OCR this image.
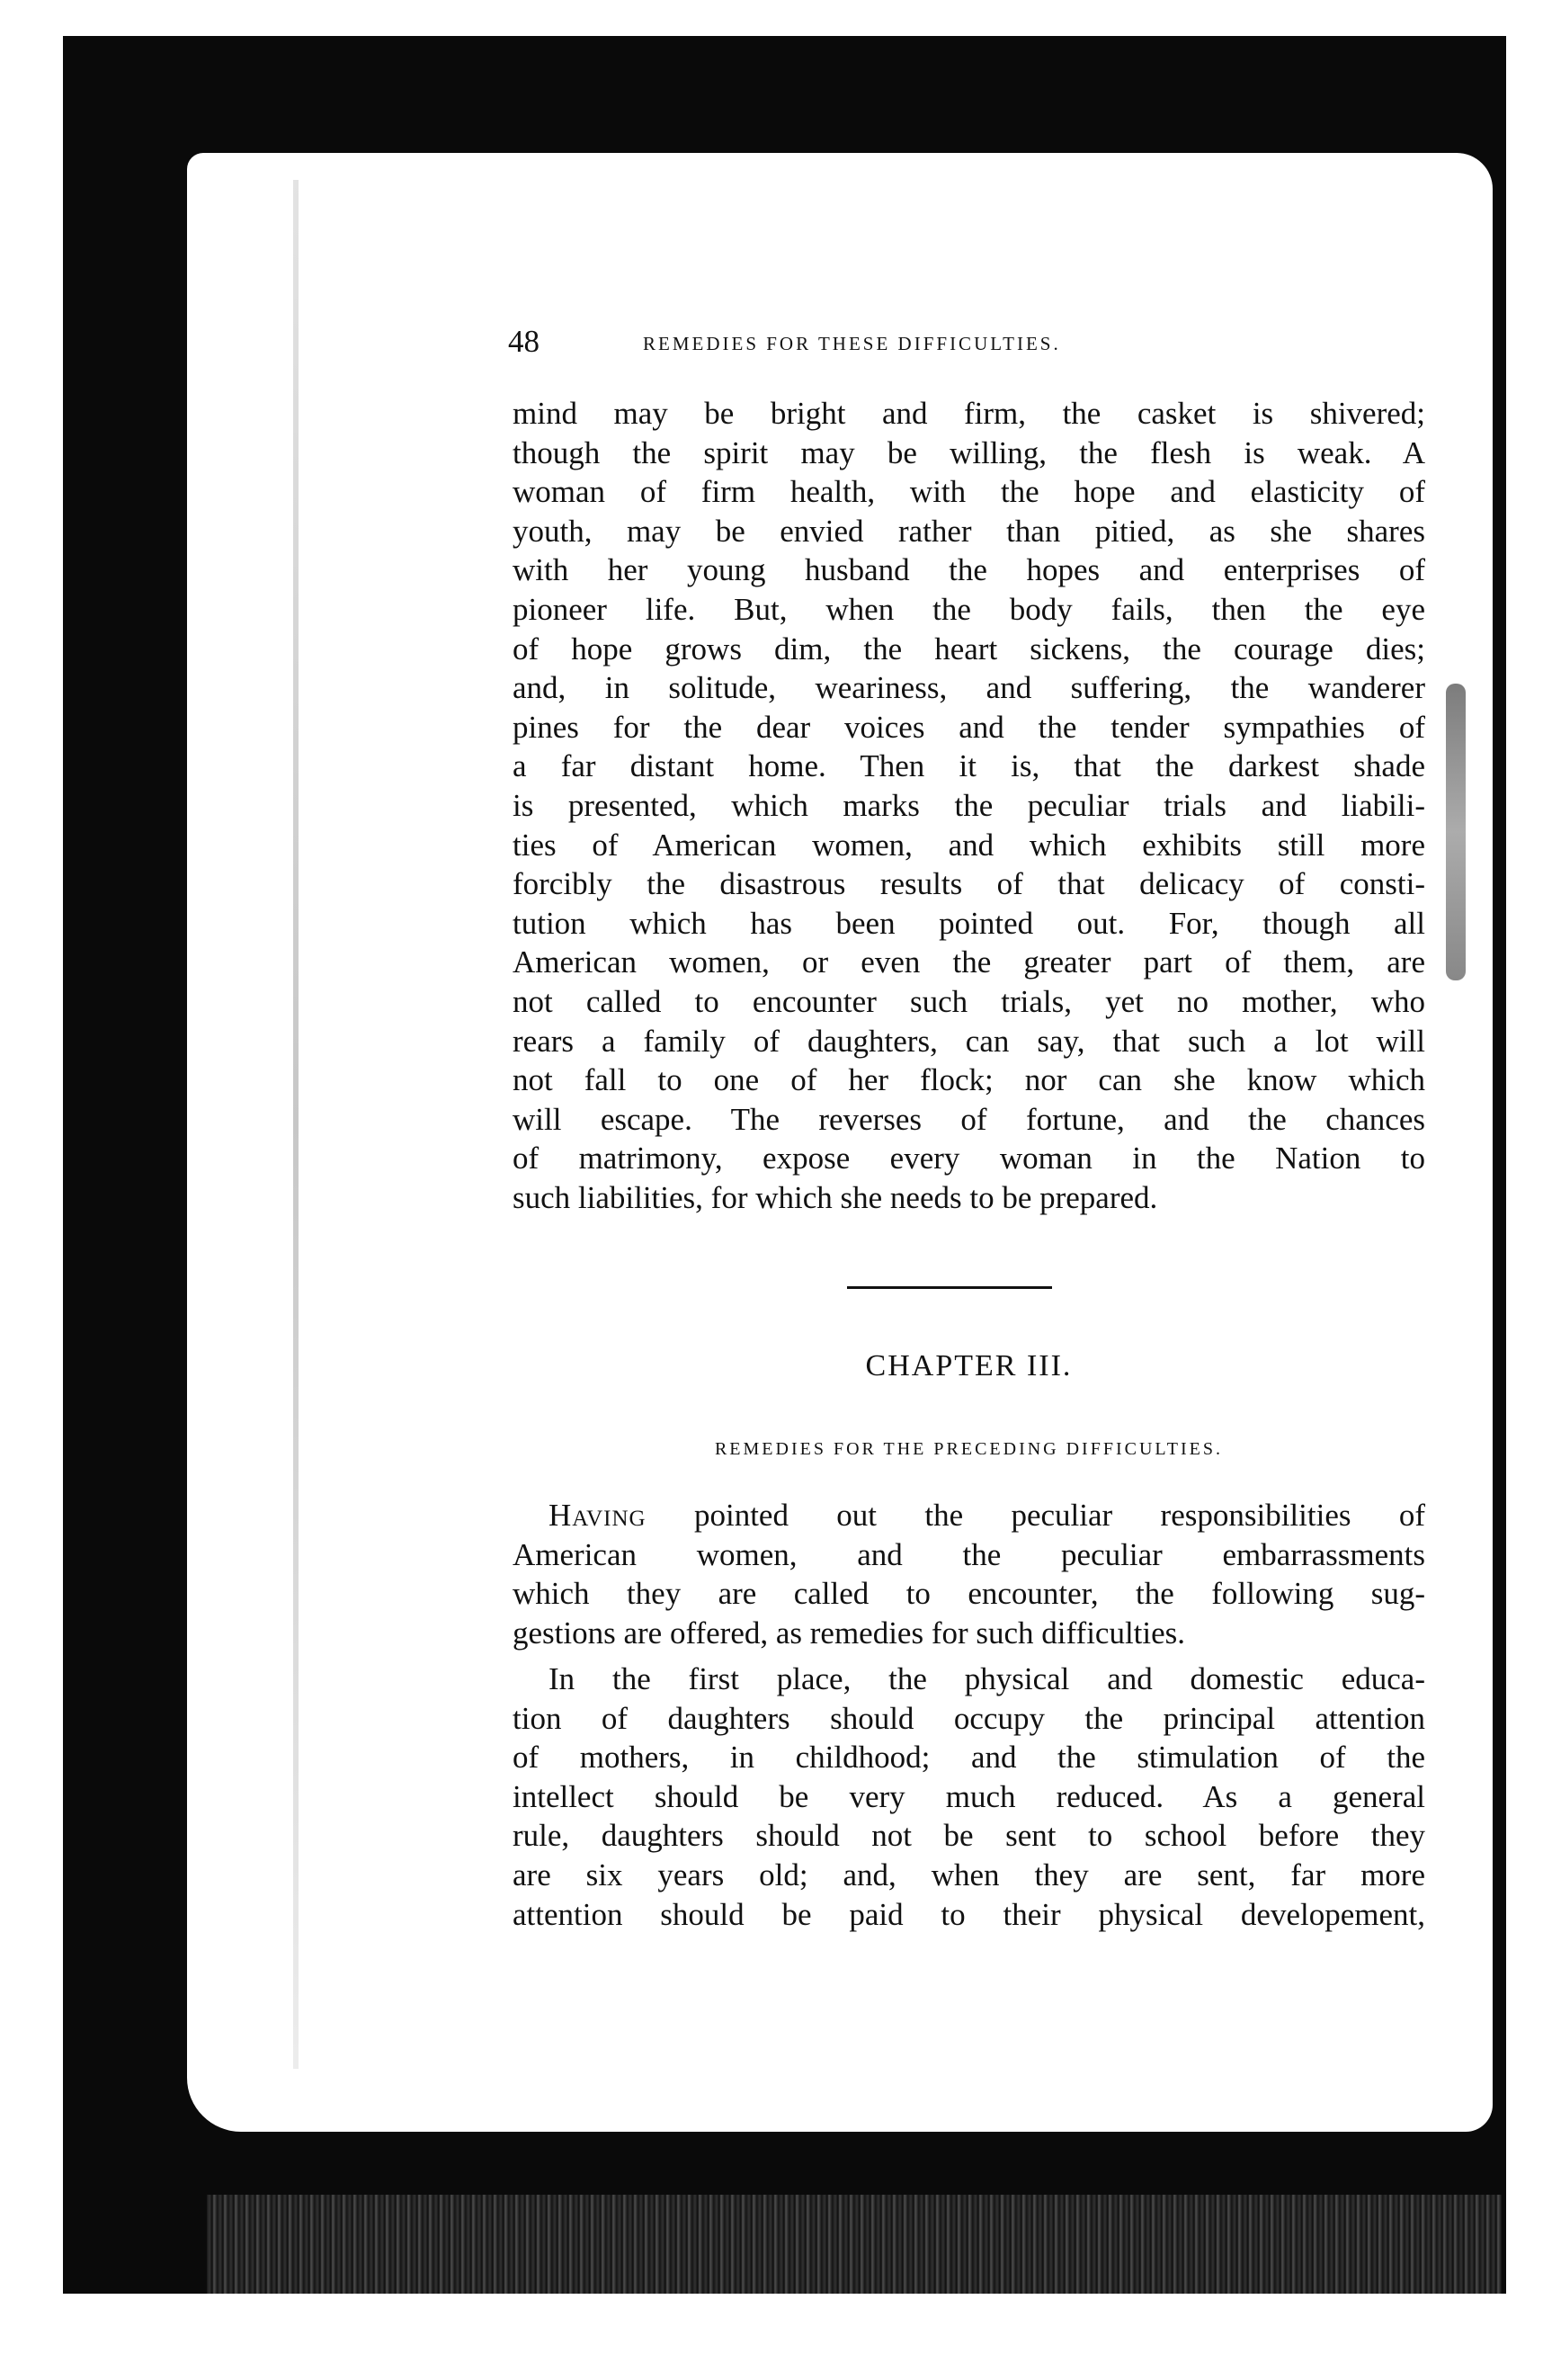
48	REMEDIES FOR THESE DIFFICULTIES.
mind may be bright and firm, the casket is shivered;
though the spirit may be willing, the flesh is weak. A
woman of firm health, with the hope and elasticity of
youth, may be envied rather than pitied, as she shares
with her young husband the hopes and enterprises of
pioneer life. But, when the body fails, then the eye
of hope grows dim, the heart sickens, the courage dies;
and, in solitude, weariness, and suffering, the wanderer
pines for the dear voices and the tender sympathies of
a far distant home. Then it is, that the darkest shade
is presented, which marks the peculiar trials and liabili-
ties of American women, and which exhibits still more
forcibly the disastrous results of that delicacy of consti-
tution which has been pointed out. For, though all
American women, or even the greater part of them, are
not called to encounter such trials, yet no mother, who
rears a family of daughters, can say, that such a lot will
not fall to one of her flock; nor can she know which
will escape. The reverses of fortune, and the chances
of matrimony, expose every woman in the Nation to
such liabilities, for which she needs to be prepared.
CHAPTER III.
REMEDIES FOR THE PRECEDING DIFFICULTIES.
Having pointed out the peculiar responsibilities of
American women, and the peculiar embarrassments
which they are called to encounter, the following sug-
gestions are offered, as remedies for such difficulties.
In the first place, the physical and domestic educa-
tion of daughters should occupy the principal attention
of mothers, in childhood; and the stimulation of the
intellect should be very much reduced. As a general
rule, daughters should not be sent to school before they
are six years old; and, when they are sent, far more
attention should be paid to their physical developement,
